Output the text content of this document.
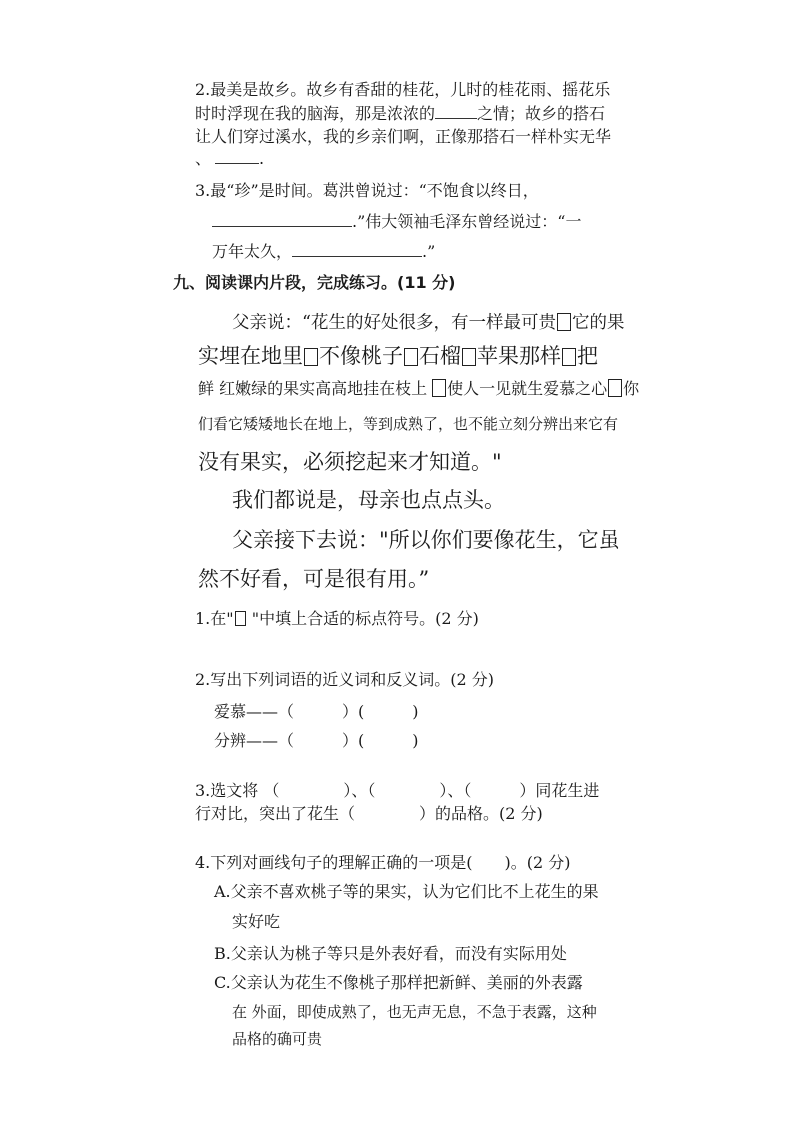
2.最美是故乡。故乡有香甜的桂花，儿时的桂花雨、摇花乐
时时浮现在我的脑海，那是浓浓的	之情；故乡的搭石
让人们穿过溪水，我的乡亲们啊，正像那搭石一样朴实无华
、	.
3.最“珍”是时间。葛洪曾说过：“不饱食以终日，
.”伟大领袖毛泽东曾经说过：“一
万年太久，	.”
九、阅读课内片段，完成练习。(11 分)
父亲说：“花生的好处很多，有一样最可贵 它的果
实埋在地里 不像桃子 石榴 苹果那样 把
鲜 红嫩绿的果实高高地挂在枝上 使人一见就生爱慕之心 你
们看它矮矮地长在地上，等到成熟了，也不能立刻分辨出来它有
没有果实，必须挖起来才知道。"
我们都说是，母亲也点点头。
父亲接下去说："所以你们要像花生，它虽
然不好看，可是很有用。”
1.在" "中填上合适的标点符号。(2 分)
2.写出下列词语的近义词和反义词。(2 分)
爱慕——（　　　）(　　　)
分辨——（　　　）(　　　)
3.选文将 （　　　　）、（　　　　）、（　　　）同花生进
行对比，突出了花生（　　　　）的品格。(2 分)
4.下列对画线句子的理解正确的一项是(　　)。(2 分)
A.父亲不喜欢桃子等的果实，认为它们比不上花生的果
实好吃
B.父亲认为桃子等只是外表好看，而没有实际用处
C.父亲认为花生不像桃子那样把新鲜、美丽的外表露
在 外面，即使成熟了，也无声无息，不急于表露，这种
品格的确可贵
